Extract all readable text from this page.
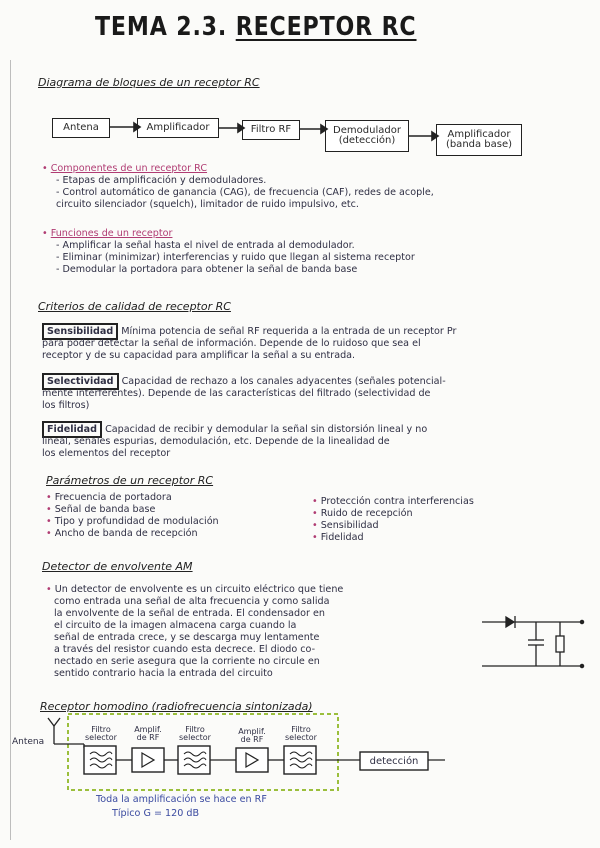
TEMA 2.3. RECEPTOR RC
Diagrama de bloques de un receptor RC
Antena	Amplificador	Filtro RF	Demodulador (detección)
Amplificador (banda base)
• Componentes de un receptor RC
- Etapas de amplificación y demoduladores.
- Control automático de ganancia (CAG), de frecuencia (CAF), redes de acople,
circuito silenciador (squelch), limitador de ruido impulsivo, etc.
• Funciones de un receptor
- Amplificar la señal hasta el nivel de entrada al demodulador.
- Eliminar (minimizar) interferencias y ruido que llegan al sistema receptor
- Demodular la portadora para obtener la señal de banda base
Criterios de calidad de receptor RC
Sensibilidad Mínima potencia de señal RF requerida a la entrada de un receptor Pr
para poder detectar la señal de información. Depende de lo ruidoso que sea el
receptor y de su capacidad para amplificar la señal a su entrada.
Selectividad Capacidad de rechazo a los canales adyacentes (señales potencial-
mente interferentes). Depende de las características del filtrado (selectividad de
los filtros)
Fidelidad Capacidad de recibir y demodular la señal sin distorsión lineal y no
lineal, señales espurias, demodulación, etc. Depende de la linealidad de
los elementos del receptor
Parámetros de un receptor RC
• Frecuencia de portadora
• Señal de banda base
• Tipo y profundidad de modulación
• Ancho de banda de recepción
• Protección contra interferencias
• Ruido de recepción
• Sensibilidad
• Fidelidad
Detector de envolvente AM
• Un detector de envolvente es un circuito eléctrico que tiene
como entrada una señal de alta frecuencia y como salida
la envolvente de la señal de entrada. El condensador en
el circuito de la imagen almacena carga cuando la
señal de entrada crece, y se descarga muy lentamente
a través del resistor cuando esta decrece. El diodo co-
nectado en serie asegura que la corriente no circule en
sentido contrario hacia la entrada del circuito
Receptor homodino (radiofrecuencia sintonizada)
Antena
Filtro selector
Amplif. de RF
Filtro selector
Amplif. de RF
Filtro selector
detección
Toda la amplificación se hace en RF
Típico G = 120 dB
